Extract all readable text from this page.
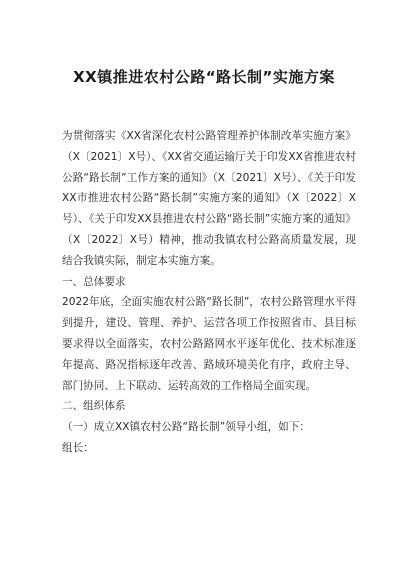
XX镇推进农村公路“路长制”实施方案

为贯彻落实《XX省深化农村公路管理养护体制改革实施方案》（X〔2021〕X号）、《XX省交通运输厅关于印发XX省推进农村公路“路长制”工作方案的通知》（X〔2021〕X号）、《关于印发XX市推进农村公路“路长制”实施方案的通知》（X〔2022〕X号）、《关于印发XX县推进农村公路“路长制”实施方案的通知》（X〔2022〕X号）精神，推动我镇农村公路高质量发展，现结合我镇实际，制定本实施方案。

一、总体要求

2022年底，全面实施农村公路“路长制”，农村公路管理水平得到提升，建设、管理、养护、运营各项工作按照省市、县目标要求得以全面落实，农村公路路网水平逐年优化、技术标准逐年提高、路况指标逐年改善、路域环境美化有序，政府主导、部门协同、上下联动、运转高效的工作格局全面实现。

二、组织体系

（一）成立XX镇农村公路“路长制”领导小组，如下：

组长：
